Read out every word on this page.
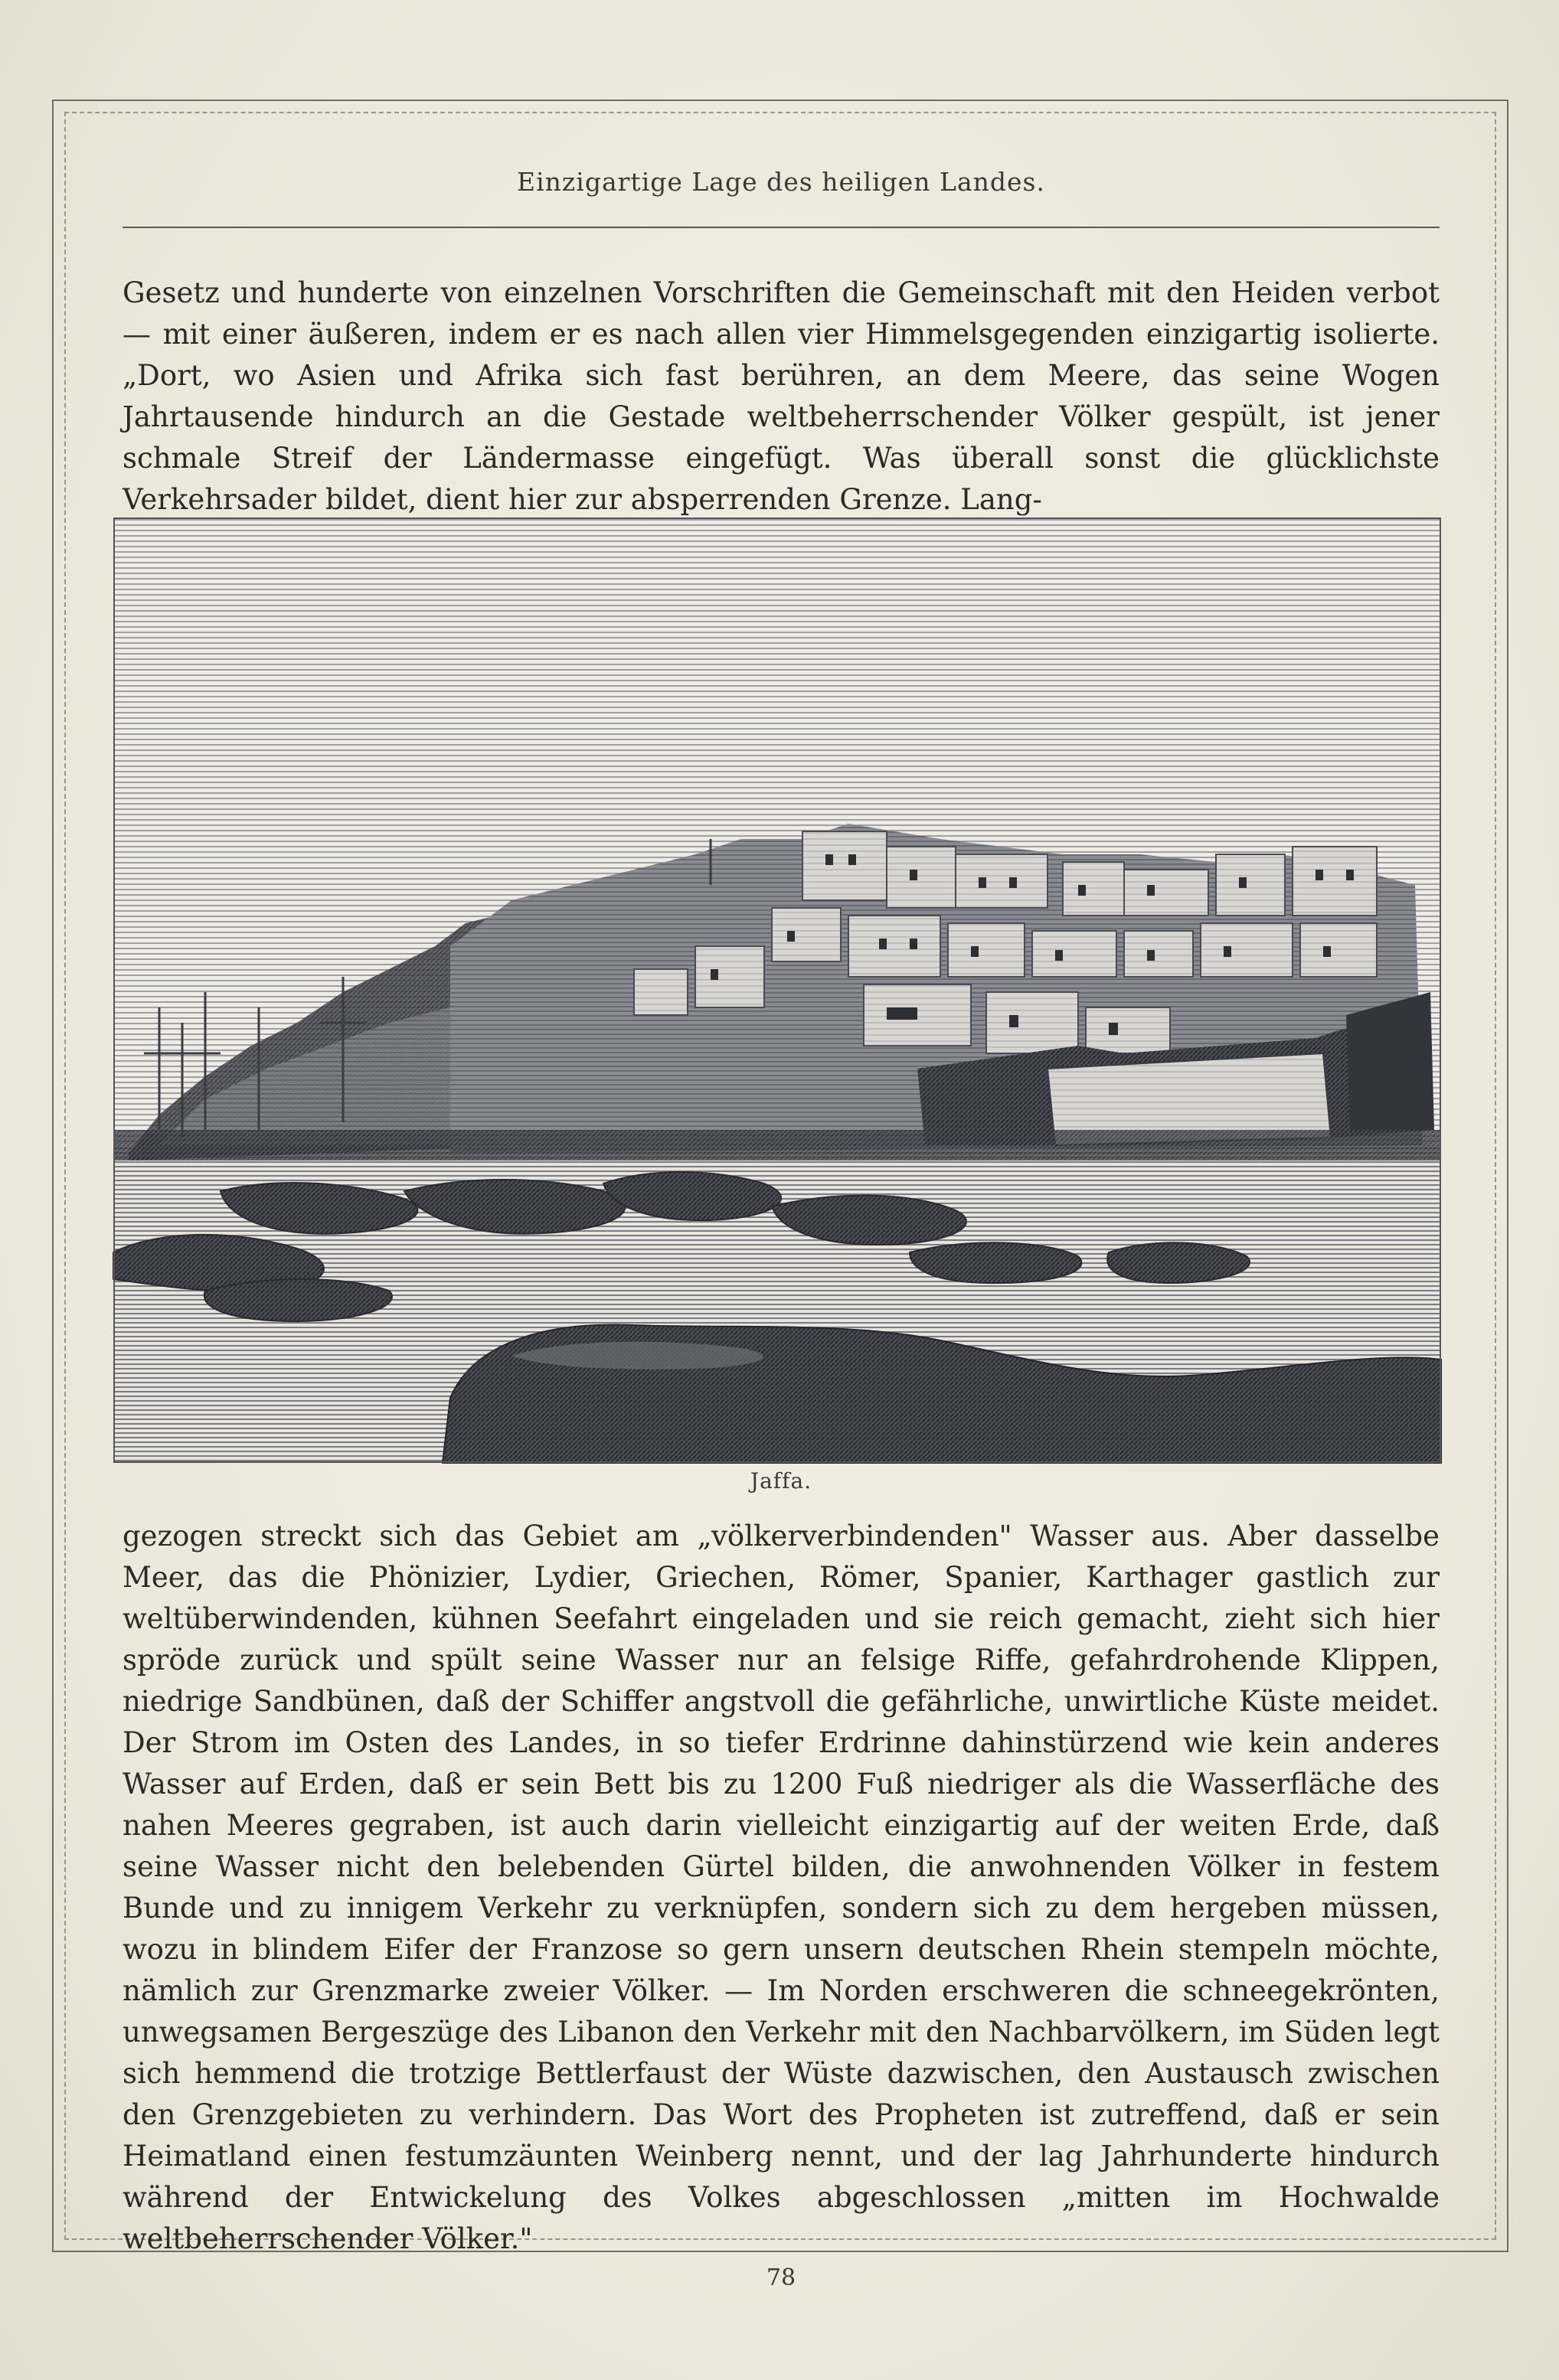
Einzigartige Lage des heiligen Landes.

Gesetz und hunderte von einzelnen Vorschriften die Gemeinschaft mit den Heiden verbot — mit einer äußeren, indem er es nach allen vier Himmelsgegenden einzigartig isolierte. „Dort, wo Asien und Afrika sich fast berühren, an dem Meere, das seine Wogen Jahrtausende hindurch an die Gestade weltbeherrschender Völker gespült, ist jener schmale Streif der Ländermasse eingefügt. Was überall sonst die glücklichste Verkehrsader bildet, dient hier zur absperrenden Grenze. Lang-

Jaffa.

gezogen streckt sich das Gebiet am „völkerverbindenden" Wasser aus. Aber dasselbe Meer, das die Phönizier, Lydier, Griechen, Römer, Spanier, Karthager gastlich zur weltüberwindenden, kühnen Seefahrt eingeladen und sie reich gemacht, zieht sich hier spröde zurück und spült seine Wasser nur an felsige Riffe, gefahrdrohende Klippen, niedrige Sandbünen, daß der Schiffer angstvoll die gefährliche, unwirtliche Küste meidet. Der Strom im Osten des Landes, in so tiefer Erdrinne dahinstürzend wie kein anderes Wasser auf Erden, daß er sein Bett bis zu 1200 Fuß niedriger als die Wasserfläche des nahen Meeres gegraben, ist auch darin vielleicht einzigartig auf der weiten Erde, daß seine Wasser nicht den belebenden Gürtel bilden, die anwohnenden Völker in festem Bunde und zu innigem Verkehr zu verknüpfen, sondern sich zu dem hergeben müssen, wozu in blindem Eifer der Franzose so gern unsern deutschen Rhein stempeln möchte, nämlich zur Grenzmarke zweier Völker. — Im Norden erschweren die schneegekrönten, unwegsamen Bergeszüge des Libanon den Verkehr mit den Nachbarvölkern, im Süden legt sich hemmend die trotzige Bettlerfaust der Wüste dazwischen, den Austausch zwischen den Grenzgebieten zu verhindern. Das Wort des Propheten ist zutreffend, daß er sein Heimatland einen festumzäunten Weinberg nennt, und der lag Jahrhunderte hindurch während der Entwickelung des Volkes abgeschlossen „mitten im Hochwalde weltbeherrschender Völker."

78
